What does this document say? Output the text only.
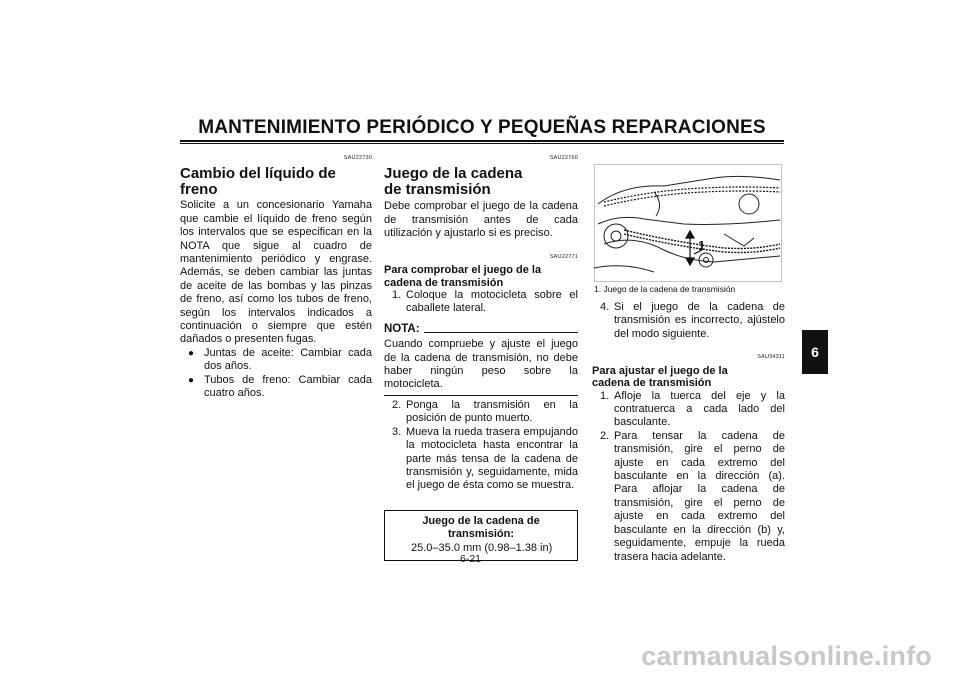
MANTENIMIENTO PERIÓDICO Y PEQUEÑAS REPARACIONES
6
SAU22730
Cambio del líquido de freno

Solicite a un concesionario Yamaha que cambie el líquido de freno según los intervalos que se especifican en la NOTA que sigue al cuadro de mantenimiento periódico y engrase. Además, se deben cambiar las juntas de aceite de las bombas y las pinzas de freno, así como los tubos de freno, según los intervalos indicados a continuación o siempre que estén dañados o presenten fugas.

● Juntas de aceite: Cambiar cada dos años.
● Tubos de freno: Cambiar cada cuatro años.
SAU22760
Juego de la cadena de transmisión

Debe comprobar el juego de la cadena de transmisión antes de cada utilización y ajustarlo si es preciso.

SAU22771
Para comprobar el juego de la cadena de transmisión
1. Coloque la motocicleta sobre el caballete lateral.
NOTA:

Cuando compruebe y ajuste el juego de la cadena de transmisión, no debe haber ningún peso sobre la motocicleta.

2. Ponga la transmisión en la posición de punto muerto.
3. Mueva la rueda trasera empujando la motocicleta hasta encontrar la parte más tensa de la cadena de transmisión y, seguidamente, mida el juego de ésta como se muestra.
Juego de la cadena de transmisión:
25.0–35.0 mm (0.98–1.38 in)
1
1. Juego de la cadena de transmisión
4. Si el juego de la cadena de transmisión es incorrecto, ajústelo del modo siguiente.
SAU34311
Para ajustar el juego de la cadena de transmisión
1. Afloje la tuerca del eje y la contratuerca a cada lado del basculante.
2. Para tensar la cadena de transmisión, gire el perno de ajuste en cada extremo del basculante en la dirección (a). Para aflojar la cadena de transmisión, gire el perno de ajuste en cada extremo del basculante en la dirección (b) y, seguidamente, empuje la rueda trasera hacia adelante.
6-21
carmanualsonline.info
